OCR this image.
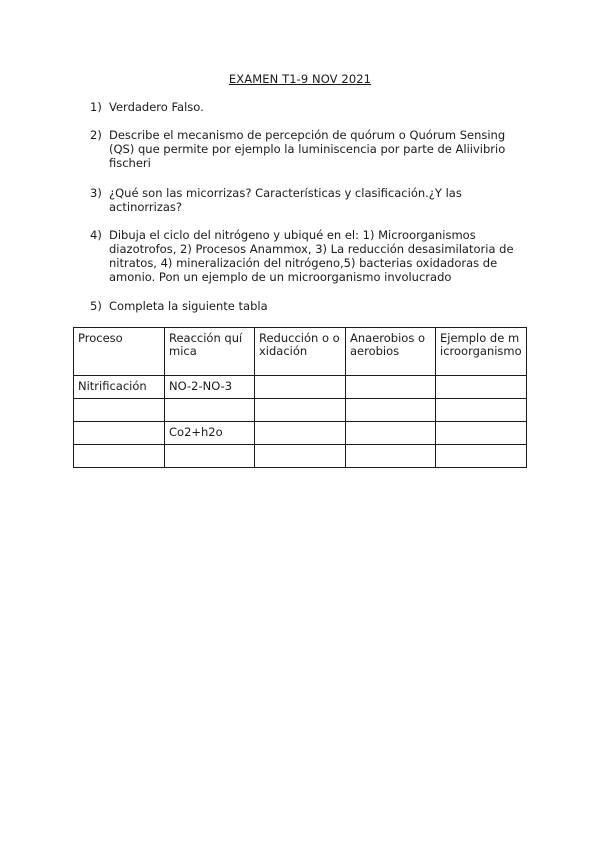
EXAMEN T1-9 NOV 2021
1) Verdadero Falso.
2) Describe el mecanismo de percepción de quórum o Quórum Sensing (QS) que permite por ejemplo la luminiscencia por parte de Aliivibrio fischeri
3) ¿Qué son las micorrizas? Características y clasificación.¿Y las actinorrizas?
4) Dibuja el ciclo del nitrógeno y ubiqué en el: 1) Microorganismos diazotrofos, 2) Procesos Anammox, 3) La reducción desasimilatoria de nitratos, 4) mineralización del nitrógeno,5) bacterias oxidadoras de amonio. Pon un ejemplo de un microorganismo involucrado
5) Completa la siguiente tabla
Proceso	Reacción química	Reducción o oxidación	Anaerobios o aerobios	Ejemplo de microorganismo
Nitrificación	NO-2-NO-3			

	Co2+h2o			
